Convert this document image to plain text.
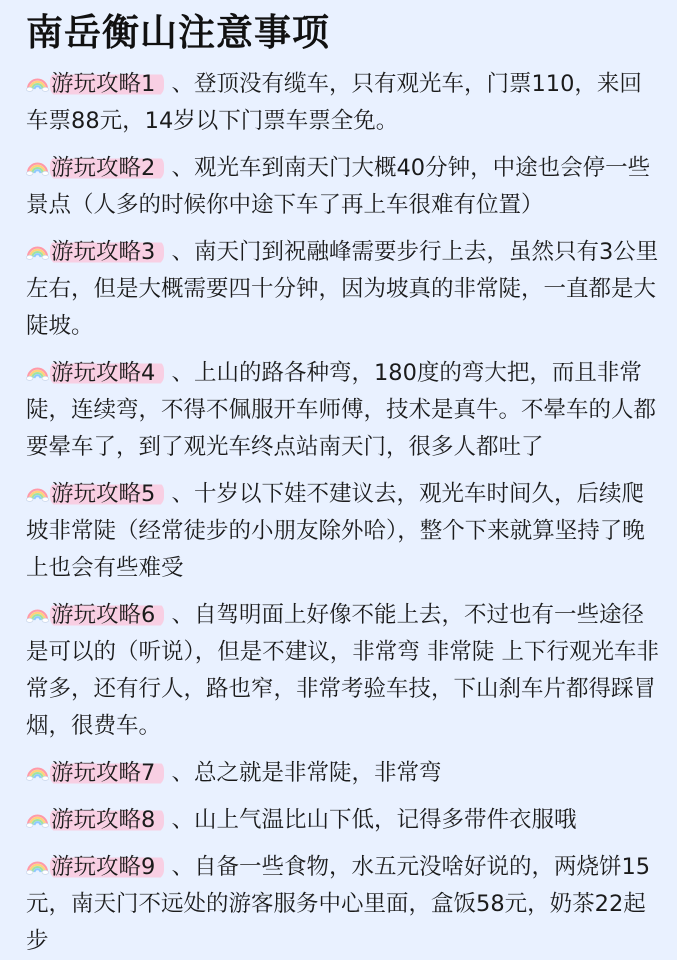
南岳衡山注意事项
游玩攻略1 、登顶没有缆车，只有观光车，门票110，来回车票88元，14岁以下门票车票全免。
游玩攻略2 、观光车到南天门大概40分钟，中途也会停一些景点（人多的时候你中途下车了再上车很难有位置）
游玩攻略3 、南天门到祝融峰需要步行上去，虽然只有3公里左右，但是大概需要四十分钟，因为坡真的非常陡，一直都是大陡坡。
游玩攻略4 、上山的路各种弯，180度的弯大把，而且非常陡，连续弯，不得不佩服开车师傅，技术是真牛。不晕车的人都要晕车了，到了观光车终点站南天门，很多人都吐了
游玩攻略5 、十岁以下娃不建议去，观光车时间久，后续爬坡非常陡（经常徒步的小朋友除外哈），整个下来就算坚持了晚上也会有些难受
游玩攻略6 、自驾明面上好像不能上去，不过也有一些途径是可以的（听说），但是不建议，非常弯 非常陡 上下行观光车非常多，还有行人，路也窄，非常考验车技，下山刹车片都得踩冒烟，很费车。
游玩攻略7 、总之就是非常陡，非常弯
游玩攻略8 、山上气温比山下低，记得多带件衣服哦
游玩攻略9 、自备一些食物，水五元没啥好说的，两烧饼15元，南天门不远处的游客服务中心里面，盒饭58元，奶茶22起步
